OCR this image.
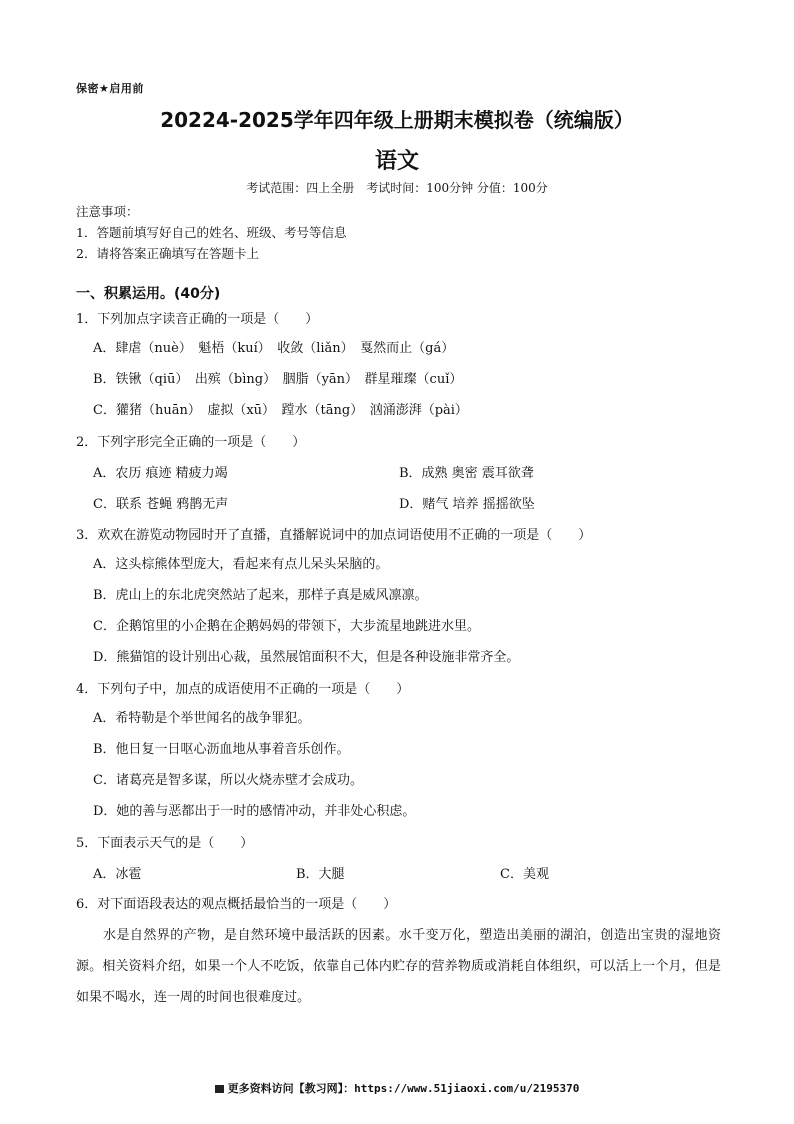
保密★启用前
20224-2025学年四年级上册期末模拟卷（统编版）
语文
考试范围：四上全册　考试时间：100分钟 分值：100分
注意事项：
1．答题前填写好自己的姓名、班级、考号等信息
2．请将答案正确填写在答题卡上
一、积累运用。(40分)
1．下列加点字读音正确的一项是（　　）
A．肆虐（nuè）　魁梧（kuí）　收敛（liǎn）　戛然而止（gá）
B．铁锹（qiū）　出殡（bìng）　胭脂（yān）　群星璀璨（cuǐ）
C．獾猪（huān）　虚拟（xū）　蹚水（tāng）　汹涌澎湃（pài）
2．下列字形完全正确的一项是（　　）
A．农历 痕迹 精疲力竭	B．成熟 奥密 震耳欲聋
C．联系 苍蝇 鸦鹊无声	D．赌气 培养 摇摇欲坠
3．欢欢在游览动物园时开了直播，直播解说词中的加点词语使用不正确的一项是（　　）
A．这头棕熊体型庞大，看起来有点儿呆头呆脑的。
B．虎山上的东北虎突然站了起来，那样子真是威风凛凛。
C．企鹅馆里的小企鹅在企鹅妈妈的带领下，大步流星地跳进水里。
D．熊猫馆的设计别出心裁，虽然展馆面积不大，但是各种设施非常齐全。
4．下列句子中，加点的成语使用不正确的一项是（　　）
A．希特勒是个举世闻名的战争罪犯。
B．他日复一日呕心沥血地从事着音乐创作。
C．诸葛亮是智多谋，所以火烧赤壁才会成功。
D．她的善与恶都出于一时的感情冲动，并非处心积虑。
5．下面表示天气的是（　　）
A．冰雹	B．大腿	C．美观
6．对下面语段表达的观点概括最恰当的一项是（　　）
水是自然界的产物，是自然环境中最活跃的因素。水千变万化，塑造出美丽的湖泊，创造出宝贵的湿地资源。相关资料介绍，如果一个人不吃饭，依靠自己体内贮存的营养物质或消耗自体组织，可以活上一个月，但是如果不喝水，连一周的时间也很难度过。
更多资料访问【教习网】：https://www.51jiaoxi.com/u/2195370
